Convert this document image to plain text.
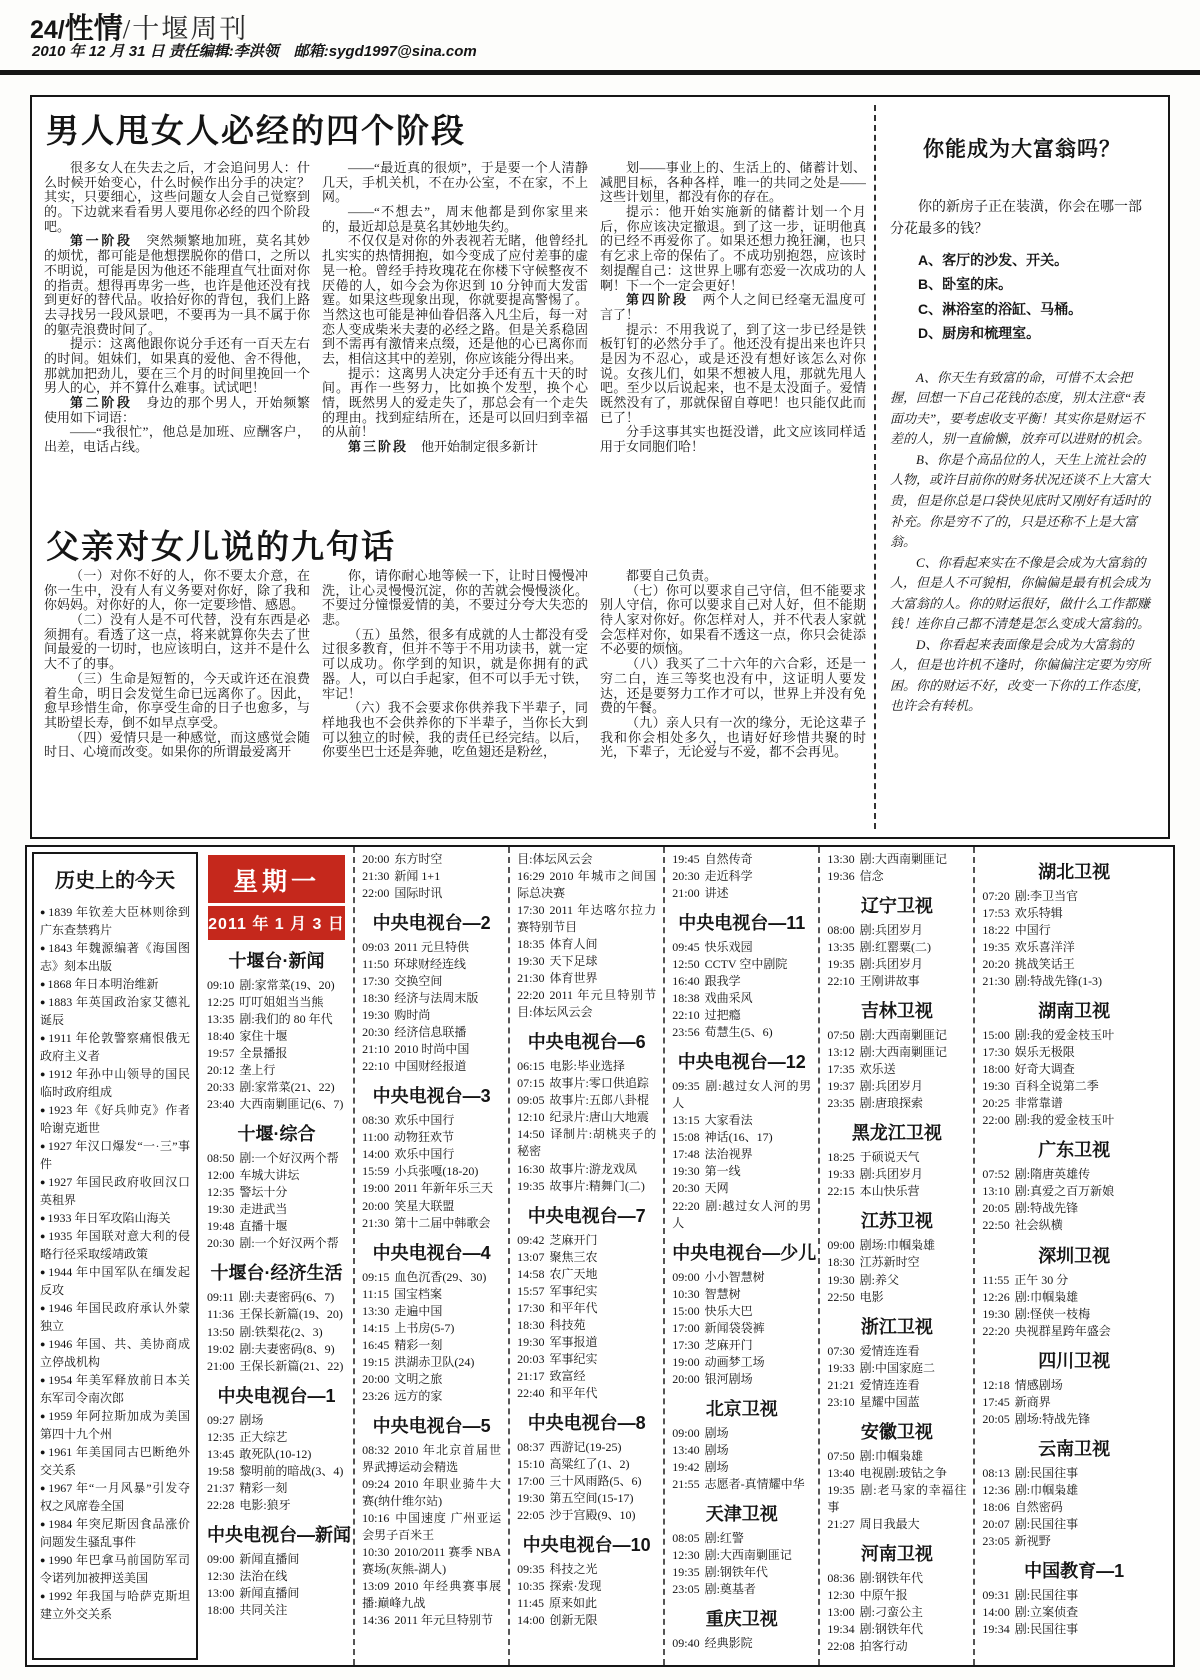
24/性情/十堰周刊
2010 年 12 月 31 日 责任编辑:李洪领　邮箱:sygd1997@sina.com
男人甩女人必经的四个阶段

很多女人在失去之后，才会追问男人：什么时候开始变心，什么时候作出分手的决定？其实，只要细心，这些问题女人会自己觉察到的。下边就来看看男人要甩你必经的四个阶段吧。

第一阶段　突然频繁地加班，莫名其妙的烦忧，都可能是他想摆脱你的借口，之所以不明说，可能是因为他还不能理直气壮面对你的指责。想得再卑劣一些，也许是他还没有找到更好的替代品。收拾好你的背包，我们上路去寻找另一段风景吧，不要再为一具不属于你的躯壳浪费时间了。

提示：这离他跟你说分手还有一百天左右的时间。姐妹们，如果真的爱他、舍不得他，那就加把劲儿，要在三个月的时间里挽回一个男人的心，并不算什么难事。试试吧！

第二阶段　身边的那个男人，开始频繁使用如下词语：

——“我很忙”，他总是加班、应酬客户，出差，电话占线。

——“最近真的很烦”，于是要一个人清静几天，手机关机，不在办公室，不在家，不上网。

——“不想去”，周末他都是到你家里来的，最近却总是莫名其妙地失约。

不仅仅是对你的外表视若无睹，他曾经扎扎实实的热情拥抱，如今变成了应付差事的虚晃一枪。曾经手持玫瑰花在你楼下守候整夜不厌倦的人，如今会为你迟到 10 分钟而大发雷霆。如果这些现象出现，你就要提高警惕了。当然这也可能是神仙眷侣落入凡尘后，每一对恋人变成柴米夫妻的必经之路。但是关系稳固到不需再有激情来点缀，还是他的心已离你而去，相信这其中的差别，你应该能分得出来。

提示：这离男人决定分手还有五十天的时间。再作一些努力，比如换个发型，换个心情，既然男人的爱走失了，那总会有一个走失的理由。找到症结所在，还是可以回归到幸福的从前！

第三阶段　他开始制定很多新计

划——事业上的、生活上的、储蓄计划、减肥目标，各种各样，唯一的共同之处是——这些计划里，都没有你的存在。

提示：他开始实施新的储蓄计划一个月后，你应该决定撤退。到了这一步，证明他真的已经不再爱你了。如果还想力挽狂澜，也只有乞求上帝的保佑了。不成功别抱怨，应该时刻提醒自己：这世界上哪有恋爱一次成功的人啊！下一个一定会更好！

第四阶段　两个人之间已经毫无温度可言了！

提示：不用我说了，到了这一步已经是铁板钉钉的必然分手了。他还没有提出来也许只是因为不忍心，或是还没有想好该怎么对你说。女孩儿们，如果不想被人甩，那就先甩人吧。至少以后说起来，也不是太没面子。爱情既然没有了，那就保留自尊吧！也只能仅此而已了！

分手这事其实也挺没谱，此文应该同样适用于女同胞们哈！

父亲对女儿说的九句话

（一）对你不好的人，你不要太介意，在你一生中，没有人有义务要对你好，除了我和你妈妈。对你好的人，你一定要珍惜、感恩。

（二）没有人是不可代替，没有东西是必须拥有。看透了这一点，将来就算你失去了世间最爱的一切时，也应该明白，这并不是什么大不了的事。

（三）生命是短暂的，今天或许还在浪费着生命，明日会发觉生命已远离你了。因此，愈早珍惜生命，你享受生命的日子也愈多，与其盼望长寿，倒不如早点享受。

（四）爱情只是一种感觉，而这感觉会随时日、心境而改变。如果你的所谓最爱离开

你，请你耐心地等候一下，让时日慢慢冲洗，让心灵慢慢沉淀，你的苦就会慢慢淡化。不要过分憧憬爱情的美，不要过分夸大失恋的悲。

（五）虽然，很多有成就的人士都没有受过很多教育，但并不等于不用功读书，就一定可以成功。你学到的知识，就是你拥有的武器。人，可以白手起家，但不可以手无寸铁，牢记！

（六）我不会要求你供养我下半辈子，同样地我也不会供养你的下半辈子，当你长大到可以独立的时候，我的责任已经完结。以后，你要坐巴士还是奔驰，吃鱼翅还是粉丝，

都要自己负责。

（七）你可以要求自己守信，但不能要求别人守信，你可以要求自己对人好，但不能期待人家对你好。你怎样对人，并不代表人家就会怎样对你，如果看不透这一点，你只会徒添不必要的烦恼。

（八）我买了二十六年的六合彩，还是一穷二白，连三等奖也没有中，这证明人要发达，还是要努力工作才可以，世界上并没有免费的午餐。

（九）亲人只有一次的缘分，无论这辈子我和你会相处多久，也请好好珍惜共聚的时光，下辈子，无论爱与不爱，都不会再见。

你能成为大富翁吗？

你的新房子正在装潢，你会在哪一部分花最多的钱？

A、客厅的沙发、开关。
B、卧室的床。
C、淋浴室的浴缸、马桶。
D、厨房和梳理室。

A、你天生有致富的命，可惜不太会把握，回想一下自己花钱的态度，别太注意“表面功夫”，要考虑收支平衡！其实你是财运不差的人，别一直偷懒，放弃可以进财的机会。

B、你是个高品位的人，天生上流社会的人物，或许目前你的财务状况还谈不上大富大贵，但是你总是口袋快见底时又刚好有适时的补充。你是穷不了的，只是还称不上是大富翁。

C、你看起来实在不像是会成为大富翁的人，但是人不可貌相，你偏偏是最有机会成为大富翁的人。你的财运很好，做什么工作都赚钱！连你自己都不清楚是怎么变成大富翁的。

D、你看起来表面像是会成为大富翁的人，但是也许机不逢时，你偏偏注定要为穷所困。你的财运不好，改变一下你的工作态度，也许会有转机。

历史上的今天
● 1839 年钦差大臣林则徐到广东查禁鸦片
● 1843 年魏源编著《海国图志》刻本出版
● 1868 年日本明治维新
● 1883 年英国政治家艾德礼诞辰
● 1911 年伦敦警察痛恨俄无政府主义者
● 1912 年孙中山领导的国民临时政府组成
● 1923 年《好兵帅克》作者哈谢克逝世
● 1927 年汉口爆发“一·三”事件
● 1927 年国民政府收回汉口英租界
● 1933 年日军攻陷山海关
● 1935 年国联对意大利的侵略行径采取绥靖政策
● 1944 年中国军队在缅发起反攻
● 1946 年国民政府承认外蒙独立
● 1946 年国、共、美协商成立停战机构
● 1954 年美军释放前日本关东军司令南次郎
● 1959 年阿拉斯加成为美国第四十九个州
● 1961 年美国同古巴断绝外交关系
● 1967 年“一月风暴”引发夺权之风席卷全国
● 1984 年突尼斯因食品涨价问题发生骚乱事件
● 1990 年巴拿马前国防军司令诺列加被押送美国
● 1992 年我国与哈萨克斯坦建立外交关系
星期一
2011 年 1 月 3 日
十堰台·新闻
09:10 剧:家常菜(19、20)
12:25 叮叮姐姐当当熊
13:35 剧:我们的 80 年代
18:40 家住十堰
19:57 全景播报
20:12 垄上行
20:33 剧:家常菜(21、22)
23:40 大西南剿匪记(6、7)
十堰·综合
08:50 剧:一个好汉两个帮
12:00 车城大讲坛
12:35 警坛十分
19:30 走进武当
19:48 直播十堰
20:30 剧:一个好汉两个帮
十堰台·经济生活
09:11 剧:夫妻密码(6、7)
11:36 王保长新篇(19、20)
13:50 剧:铁梨花(2、3)
19:02 剧:夫妻密码(8、9)
21:00 王保长新篇(21、22)
中央电视台—1
09:27 剧场
12:35 正大综艺
13:45 敢死队(10-12)
19:58 黎明前的暗战(3、4)
21:37 精彩一刻
22:28 电影:狼牙
中央电视台—新闻
09:00 新闻直播间
12:30 法治在线
13:00 新闻直播间
18:00 共同关注
20:00 东方时空
21:30 新闻 1+1
22:00 国际时讯
中央电视台—2
09:03 2011 元旦特供
11:50 环球财经连线
17:30 交换空间
18:30 经济与法周末版
19:30 购时尚
20:30 经济信息联播
21:10 2010 时尚中国
22:10 中国财经报道
中央电视台—3
08:30 欢乐中国行
11:00 动物狂欢节
14:00 欢乐中国行
15:59 小兵张嘎(18-20)
19:00 2011 年新年乐三天
20:00 笑星大联盟
21:30 第十二届中韩歌会
中央电视台—4
09:15 血色沉香(29、30)
11:15 国宝档案
13:30 走遍中国
14:15 上书房(5-7)
16:45 精彩一刻
19:15 洪湖赤卫队(24)
20:00 文明之旅
23:26 远方的家
中央电视台—5
08:32 2010 年北京首届世界武搏运动会精选
09:24 2010 年职业骑牛大赛(纳什维尔站)
10:16 中国速度 广州亚运会男子百米王
10:30 2010/2011 赛季 NBA 赛场(灰熊-湖人)
13:09 2010 年经典赛事展播:巅峰九战
14:36 2011 年元旦特别节
目:体坛风云会
16:29 2010 年城市之间国际总决赛
17:30 2011 年达喀尔拉力赛特别节目
18:35 体育人间
19:30 天下足球
21:30 体育世界
22:20 2011 年元旦特别节目:体坛风云会
中央电视台—6
06:15 电影:毕业选择
07:15 故事片:零口供追踪
09:05 故事片:五郎八卦棍
12:10 纪录片:唐山大地震
14:50 译制片:胡桃夹子的秘密
16:30 故事片:游龙戏凤
19:35 故事片:精舞门(二)
中央电视台—7
09:42 芝麻开门
13:07 聚焦三农
14:58 农广天地
15:57 军事纪实
17:30 和平年代
18:30 科技苑
19:30 军事报道
20:03 军事纪实
21:17 致富经
22:40 和平年代
中央电视台—8
08:37 西游记(19-25)
15:10 高粱红了(1、2)
17:00 三十风雨路(5、6)
19:30 第五空间(15-17)
22:05 沙于宫殿(9、10)
中央电视台—10
09:35 科技之光
10:35 探索·发现
11:45 原来如此
14:00 创新无限
19:45 自然传奇
20:30 走近科学
21:00 讲述
中央电视台—11
09:45 快乐戏园
12:50 CCTV 空中剧院
16:40 跟我学
18:38 戏曲采风
22:10 过把瘾
23:56 荀慧生(5、6)
中央电视台—12
09:35 剧:越过女人河的男人
13:15 大家看法
15:08 神话(16、17)
17:48 法治视界
19:30 第一线
20:30 天网
22:20 剧:越过女人河的男人
中央电视台—少儿
09:00 小小智慧树
10:30 智慧树
15:00 快乐大巴
17:00 新闻袋袋裤
17:30 芝麻开门
19:00 动画梦工场
20:00 银河剧场
北京卫视
09:00 剧场
13:40 剧场
19:42 剧场
21:55 志愿者-真情耀中华
天津卫视
08:05 剧:红警
12:30 剧:大西南剿匪记
19:35 剧:钢铁年代
23:05 剧:奠基者
重庆卫视
09:40 经典影院
13:30 剧:大西南剿匪记
19:36 信念
辽宁卫视
08:00 剧:兵团岁月
13:35 剧:红罂粟(二)
19:35 剧:兵团岁月
22:10 王刚讲故事
吉林卫视
07:50 剧:大西南剿匪记
13:12 剧:大西南剿匪记
17:35 欢乐送
19:37 剧:兵团岁月
23:35 剧:唐琅探索
黑龙江卫视
18:25 于硕说天气
19:33 剧:兵团岁月
22:15 本山快乐营
江苏卫视
09:00 剧场:巾帼枭雄
18:30 江苏新时空
19:30 剧:养父
22:50 电影
浙江卫视
07:30 爱情连连看
19:33 剧:中国家庭二
21:21 爱情连连看
23:10 星耀中国蓝
安徽卫视
07:50 剧:巾帼枭雄
13:40 电视剧:玻钻之争
19:35 剧:老马家的幸福往事
21:27 周日我最大
河南卫视
08:36 剧:钢铁年代
12:30 中原午报
13:00 剧:刁蛮公主
19:34 剧:钢铁年代
22:08 拍客行动
湖北卫视
07:20 剧:李卫当官
17:53 欢乐特辑
18:22 中国行
19:35 欢乐喜洋洋
20:20 挑战笑话王
21:30 剧:特战先锋(1-3)
湖南卫视
15:00 剧:我的爱金枝玉叶
17:30 娱乐无极限
18:00 好奇大调查
19:30 百科全说第二季
20:25 非常靠谱
22:00 剧:我的爱金枝玉叶
广东卫视
07:52 剧:隋唐英雄传
13:10 剧:真爱之百万新娘
20:05 剧:特战先锋
22:50 社会纵横
深圳卫视
11:55 正午 30 分
12:26 剧:巾帼枭雄
19:30 剧:怪侠一枝梅
22:20 央视群星跨年盛会
四川卫视
12:18 情感剧场
17:45 新商界
20:05 剧场:特战先锋
云南卫视
08:13 剧:民国往事
12:36 剧:巾帼枭雄
18:06 自然密码
20:07 剧:民国往事
23:05 新视野
中国教育—1
09:31 剧:民国往事
14:00 剧:立案侦查
19:34 剧:民国往事
